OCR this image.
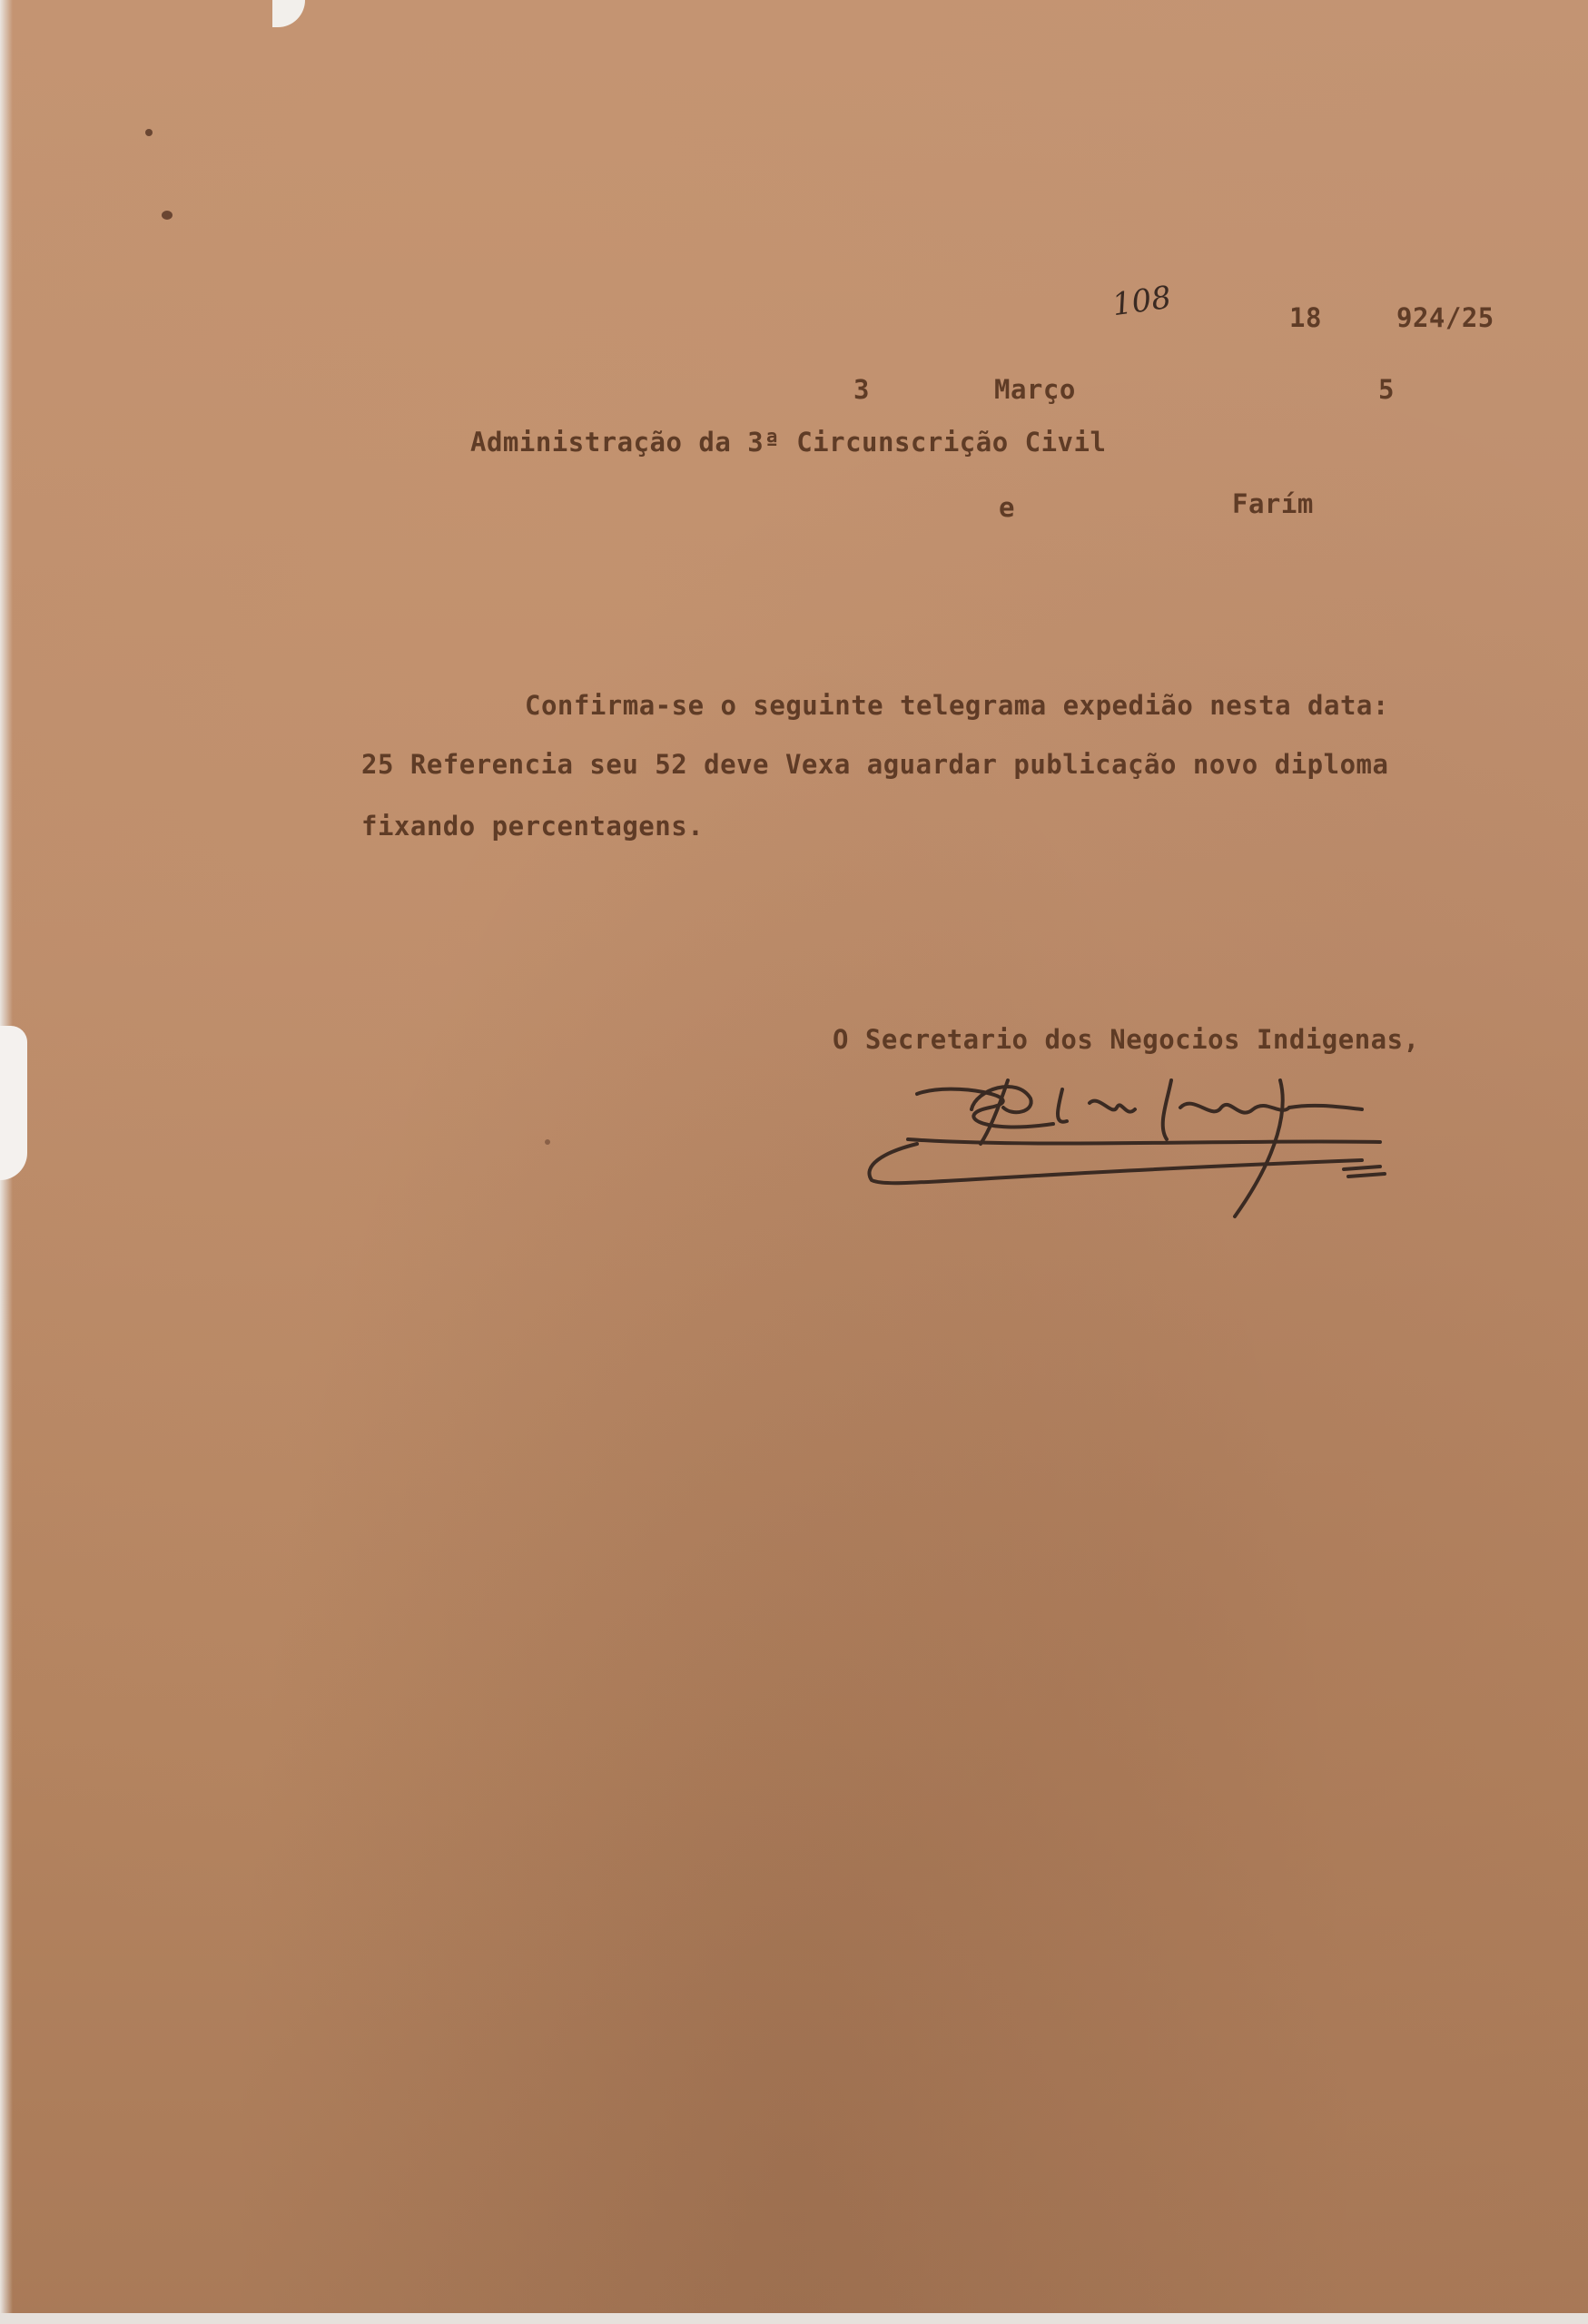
108	18	924/25
3	Março	5
Administração da 3ª Circunscrição Civil
e	Farím
Confirma-se o seguinte telegrama expedião nesta data:
25 Referencia seu 52 deve Vexa aguardar publicação novo diploma
fixando percentagens.
O Secretario dos Negocios Indigenas,
